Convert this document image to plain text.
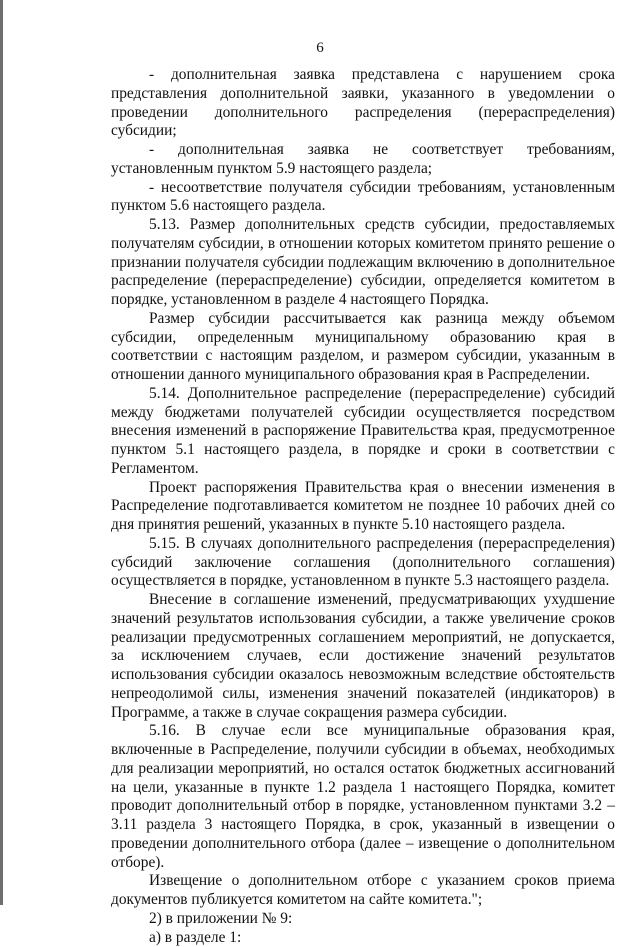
6

- дополнительная заявка представлена с нарушением срока представления дополнительной заявки, указанного в уведомлении о проведении дополнительного распределения (перераспределения) субсидии;

- дополнительная заявка не соответствует требованиям, установленным пунктом 5.9 настоящего раздела;

- несоответствие получателя субсидии требованиям, установленным пунктом 5.6 настоящего раздела.

5.13. Размер дополнительных средств субсидии, предоставляемых получателям субсидии, в отношении которых комитетом принято решение о признании получателя субсидии подлежащим включению в дополнительное распределение (перераспределение) субсидии, определяется комитетом в порядке, установленном в разделе 4 настоящего Порядка.

Размер субсидии рассчитывается как разница между объемом субсидии, определенным муниципальному образованию края в соответствии с настоящим разделом, и размером субсидии, указанным в отношении данного муниципального образования края в Распределении.

5.14. Дополнительное распределение (перераспределение) субсидий между бюджетами получателей субсидии осуществляется посредством внесения изменений в распоряжение Правительства края, предусмотренное пунктом 5.1 настоящего раздела, в порядке и сроки в соответствии с Регламентом.

Проект распоряжения Правительства края о внесении изменения в Распределение подготавливается комитетом не позднее 10 рабочих дней со дня принятия решений, указанных в пункте 5.10 настоящего раздела.

5.15. В случаях дополнительного распределения (перераспределения) субсидий заключение соглашения (дополнительного соглашения) осуществляется в порядке, установленном в пункте 5.3 настоящего раздела.

Внесение в соглашение изменений, предусматривающих ухудшение значений результатов использования субсидии, а также увеличение сроков реализации предусмотренных соглашением мероприятий, не допускается, за исключением случаев, если достижение значений результатов использования субсидии оказалось невозможным вследствие обстоятельств непреодолимой силы, изменения значений показателей (индикаторов) в Программе, а также в случае сокращения размера субсидии.

5.16. В случае если все муниципальные образования края, включенные в Распределение, получили субсидии в объемах, необходимых для реализации мероприятий, но остался остаток бюджетных ассигнований на цели, указанные в пункте 1.2 раздела 1 настоящего Порядка, комитет проводит дополнительный отбор в порядке, установленном пунктами 3.2 – 3.11 раздела 3 настоящего Порядка, в срок, указанный в извещении о проведении дополнительного отбора (далее – извещение о дополнительном отборе).

Извещение о дополнительном отборе с указанием сроков приема документов публикуется комитетом на сайте комитета.";

2) в приложении № 9:

а) в разделе 1:
